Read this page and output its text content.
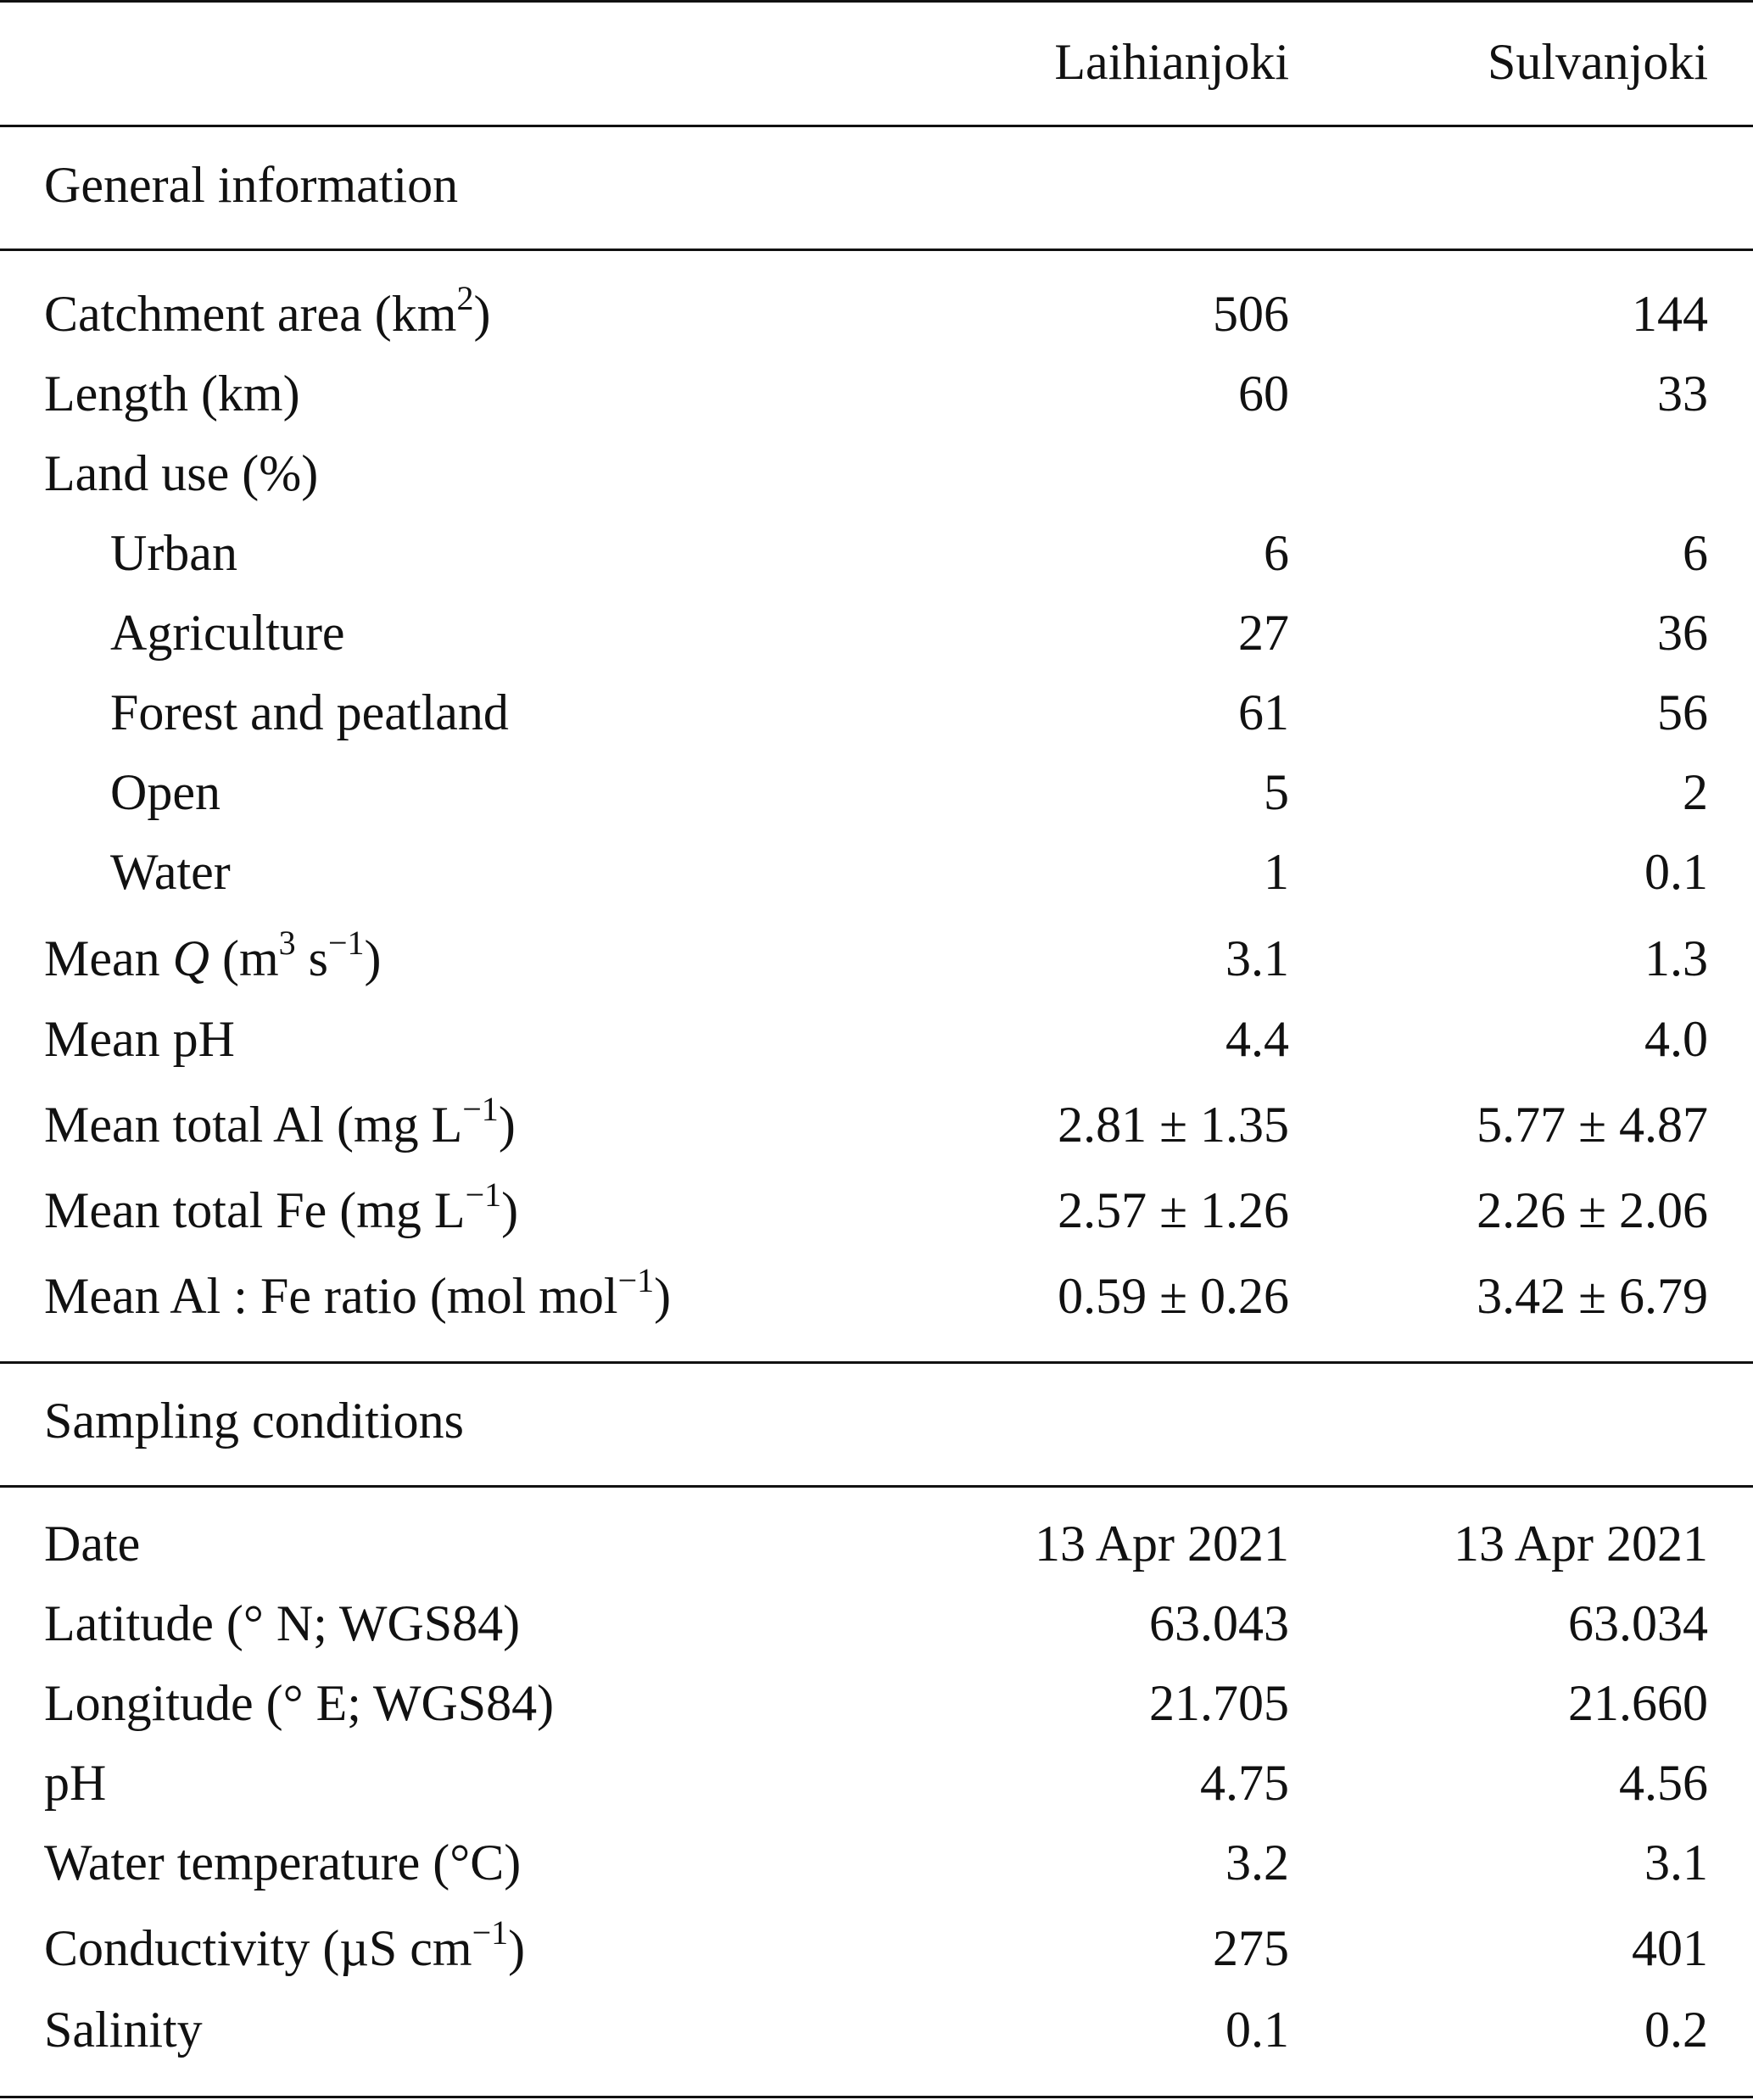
Laihianjoki	Sulvanjoki
General information
Catchment area $(km^2)$	506	144
Length (km)	60	33
Land use (%)
Urban	6	6
Agriculture	27	36
Forest and peatland	61	56
Open	5	2
Water	1	0.1
Mean Q ($m^3$ $s^{-1}$)	3.1	1.3
Mean pH	4.4	4.0
Mean total Al (mg $L^{-1}$)	2.81 ± 1.35	5.77 ± 4.87
Mean total Fe (mg $L^{-1}$)	2.57 ± 1.26	2.26 ± 2.06
Mean Al : Fe ratio (mol mol$^{-1}$)	0.59 ± 0.26	3.42 ± 6.79
Sampling conditions
Date	13 Apr 2021	13 Apr 2021
Latitude (° N; WGS84)	63.043	63.034
Longitude (° E; WGS84)	21.705	21.660
pH	4.75	4.56
Water temperature (°C)	3.2	3.1
Conductivity (µS $cm^{-1}$)	275	401
Salinity	0.1	0.2
